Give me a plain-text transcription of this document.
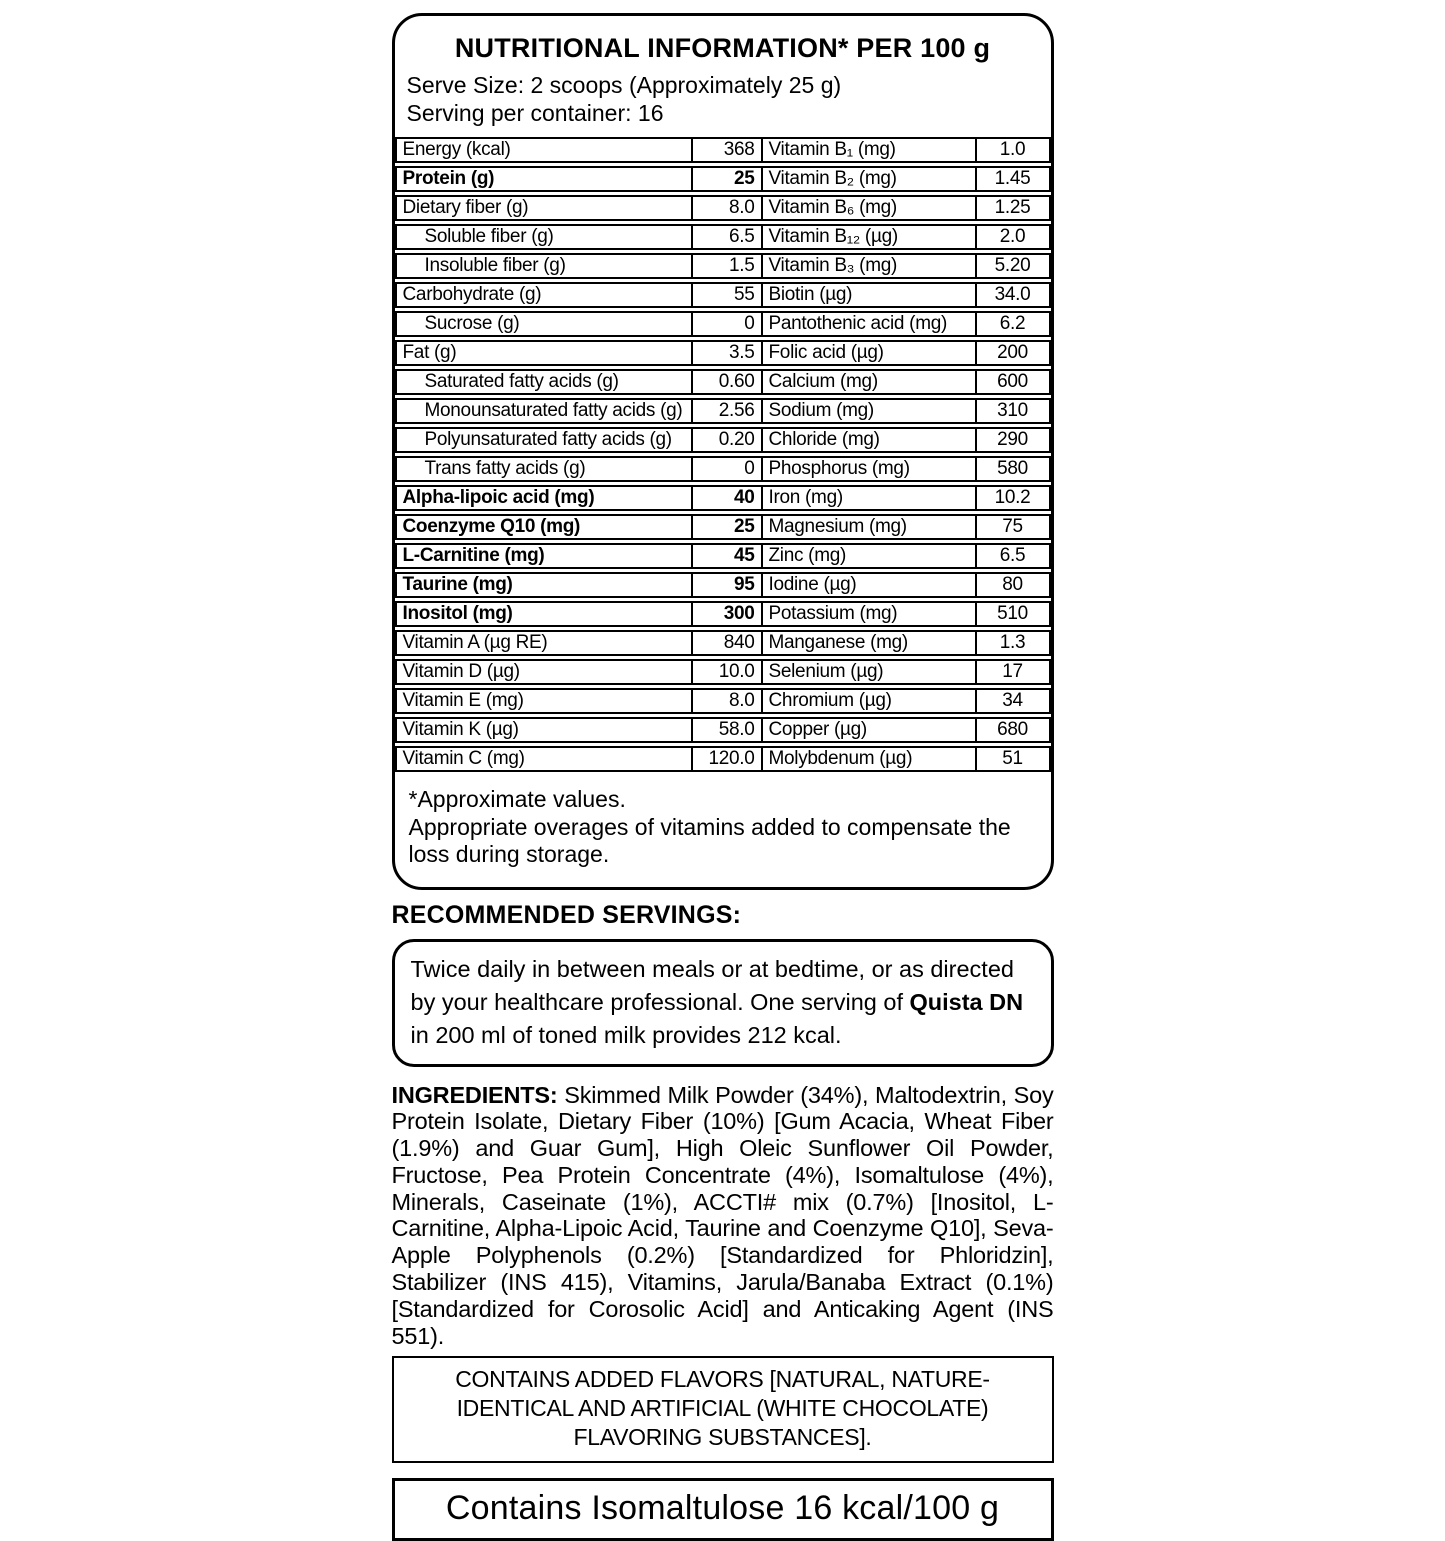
NUTRITIONAL INFORMATION* PER 100 g
Serve Size: 2 scoops (Approximately 25 g)
Serving per container: 16
Energy (kcal)	368	Vitamin B₁ (mg)	1.0
Protein (g)	25	Vitamin B₂ (mg)	1.45
Dietary fiber (g)	8.0	Vitamin B₆ (mg)	1.25
Soluble fiber (g)	6.5	Vitamin B₁₂ (µg)	2.0
Insoluble fiber (g)	1.5	Vitamin B₃ (mg)	5.20
Carbohydrate (g)	55	Biotin (µg)	34.0
Sucrose (g)	0	Pantothenic acid (mg)	6.2
Fat (g)	3.5	Folic acid (µg)	200
Saturated fatty acids (g)	0.60	Calcium (mg)	600
Monounsaturated fatty acids (g)	2.56	Sodium (mg)	310
Polyunsaturated fatty acids (g)	0.20	Chloride (mg)	290
Trans fatty acids (g)	0	Phosphorus (mg)	580
Alpha-lipoic acid (mg)	40	Iron (mg)	10.2
Coenzyme Q10 (mg)	25	Magnesium (mg)	75
L-Carnitine (mg)	45	Zinc (mg)	6.5
Taurine (mg)	95	Iodine (µg)	80
Inositol (mg)	300	Potassium (mg)	510
Vitamin A (µg RE)	840	Manganese (mg)	1.3
Vitamin D (µg)	10.0	Selenium (µg)	17
Vitamin E (mg)	8.0	Chromium (µg)	34
Vitamin K (µg)	58.0	Copper (µg)	680
Vitamin C (mg)	120.0	Molybdenum (µg)	51
*Approximate values.
Appropriate overages of vitamins added to compensate the loss during storage.
RECOMMENDED SERVINGS:
Twice daily in between meals or at bedtime, or as directed by your healthcare professional. One serving of Quista DN in 200 ml of toned milk provides 212 kcal.

INGREDIENTS: Skimmed Milk Powder (34%), Maltodextrin, Soy Protein Isolate, Dietary Fiber (10%) [Gum Acacia, Wheat Fiber (1.9%) and Guar Gum], High Oleic Sunflower Oil Powder, Fructose, Pea Protein Concentrate (4%), Isomaltulose (4%), Minerals, Caseinate (1%), ACCTI# mix (0.7%) [Inositol, L-Carnitine, Alpha-Lipoic Acid, Taurine and Coenzyme Q10], Seva-Apple Polyphenols (0.2%) [Standardized for Phloridzin], Stabilizer (INS 415), Vitamins, Jarula/Banaba Extract (0.1%) [Standardized for Corosolic Acid] and Anticaking Agent (INS 551).

CONTAINS ADDED FLAVORS [NATURAL, NATURE-IDENTICAL AND ARTIFICIAL (WHITE CHOCOLATE) FLAVORING SUBSTANCES].
Contains Isomaltulose 16 kcal/100 g
